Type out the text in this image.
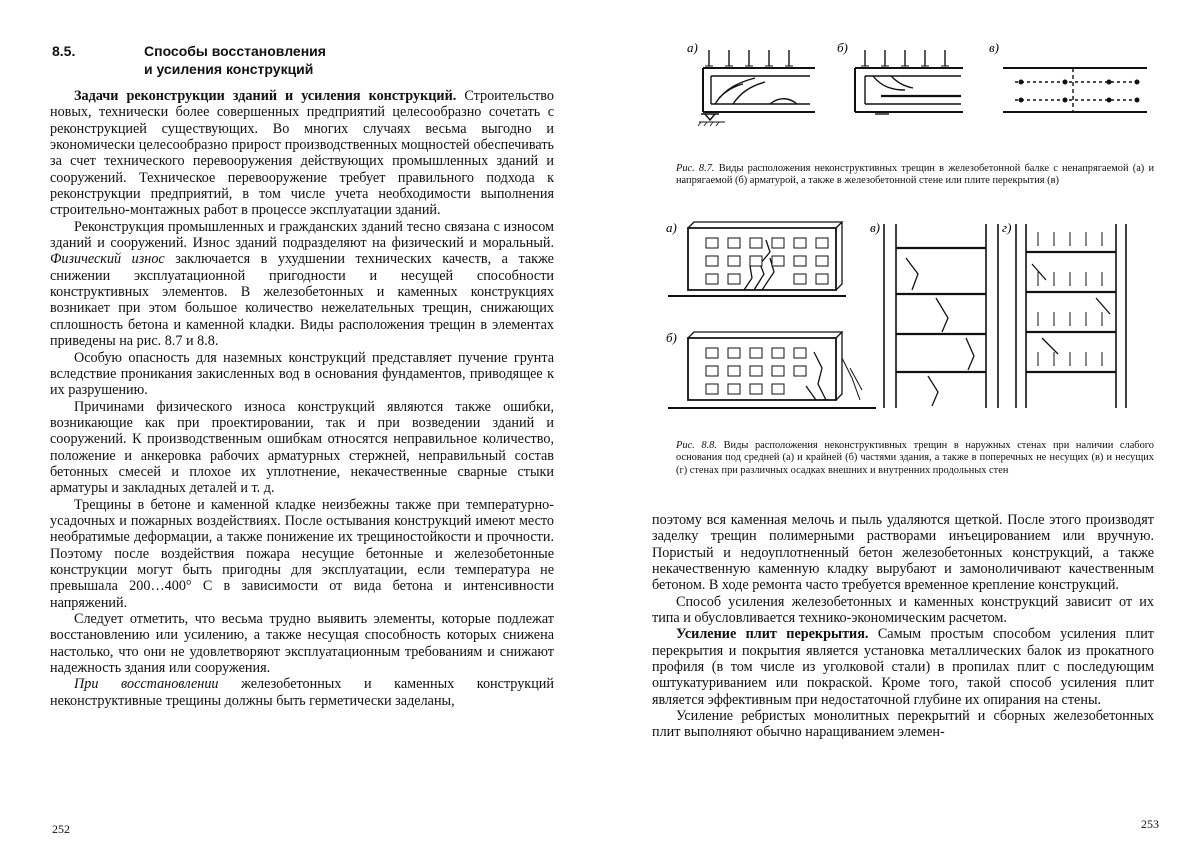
8.5.	Способы восстановления
и усиления конструкций

Задачи реконструкции зданий и усиления конструкций. Строительство новых, технически более совершенных предприятий целесообразно сочетать с реконструкцией существующих. Во многих случаях весьма выгодно и экономически целесообразно прирост производственных мощностей обеспечивать за счет технического перевооружения действующих промышленных зданий и сооружений. Техническое перевооружение требует правильного подхода к реконструкции предприятий, в том числе учета необходимости выполнения строительно-монтажных работ в процессе эксплуатации зданий.

Реконструкция промышленных и гражданских зданий тесно связана с износом зданий и сооружений. Износ зданий подразделяют на физический и моральный. Физический износ заключается в ухудшении технических качеств, а также снижении эксплуатационной пригодности и несущей способности конструктивных элементов. В железобетонных и каменных конструкциях возникает при этом большое количество нежелательных трещин, снижающих сплошность бетона и каменной кладки. Виды расположения трещин в элементах приведены на рис. 8.7 и 8.8.

Особую опасность для наземных конструкций представляет пучение грунта вследствие проникания закисленных вод в основания фундаментов, приводящее к их разрушению.

Причинами физического износа конструкций являются также ошибки, возникающие как при проектировании, так и при возведении зданий и сооружений. К производственным ошибкам относятся неправильное количество, положение и анкеровка рабочих арматурных стержней, неправильный состав бетонных смесей и плохое их уплотнение, некачественные сварные стыки арматуры и закладных деталей и т. д.

Трещины в бетоне и каменной кладке неизбежны также при температурно-усадочных и пожарных воздействиях. После остывания конструкций имеют место необратимые деформации, а также понижение их трещиностойкости и прочности. Поэтому после воздействия пожара несущие бетонные и железобетонные конструкции могут быть пригодны для эксплуатации, если температура не превышала 200…400° С в зависимости от вида бетона и интенсивности напряжений.

Следует отметить, что весьма трудно выявить элементы, которые подлежат восстановлению или усилению, а также несущая способность которых снижена настолько, что они не удовлетворяют эксплуатационным требованиям и снижают надежность здания или сооружения.

При восстановлении железобетонных и каменных конструкций неконструктивные трещины должны быть герметически заделаны,

252
а)	б)	в)
Рис. 8.7. Виды расположения неконструктивных трещин в железобетонной балке с ненапрягаемой (а) и напрягаемой (б) арматурой, а также в железобетонной стене или плите перекрытия (в)
а)
б)
в)	г)
Рис. 8.8. Виды расположения неконструктивных трещин в наружных стенах при наличии слабого основания под средней (а) и крайней (б) частями здания, а также в поперечных не несущих (в) и несущих (г) стенах при различных осадках внешних и внутренних продольных стен

поэтому вся каменная мелочь и пыль удаляются щеткой. После этого производят заделку трещин полимерными растворами инъецированием или вручную. Пористый и недоуплотненный бетон железобетонных конструкций, а также некачественную каменную кладку вырубают и замоноличивают качественным бетоном. В ходе ремонта часто требуется временное крепление конструкций.

Способ усиления железобетонных и каменных конструкций зависит от их типа и обусловливается технико-экономическим расчетом.

Усиление плит перекрытия. Самым простым способом усиления плит перекрытия и покрытия является установка металлических балок из прокатного профиля (в том числе из уголковой стали) в пропилах плит с последующим оштукатуриванием или покраской. Кроме того, такой способ усиления плит является эффективным при недостаточной глубине их опирания на стены.

Усиление ребристых монолитных перекрытий и сборных железобетонных плит выполняют обычно наращиванием элемен-

253
